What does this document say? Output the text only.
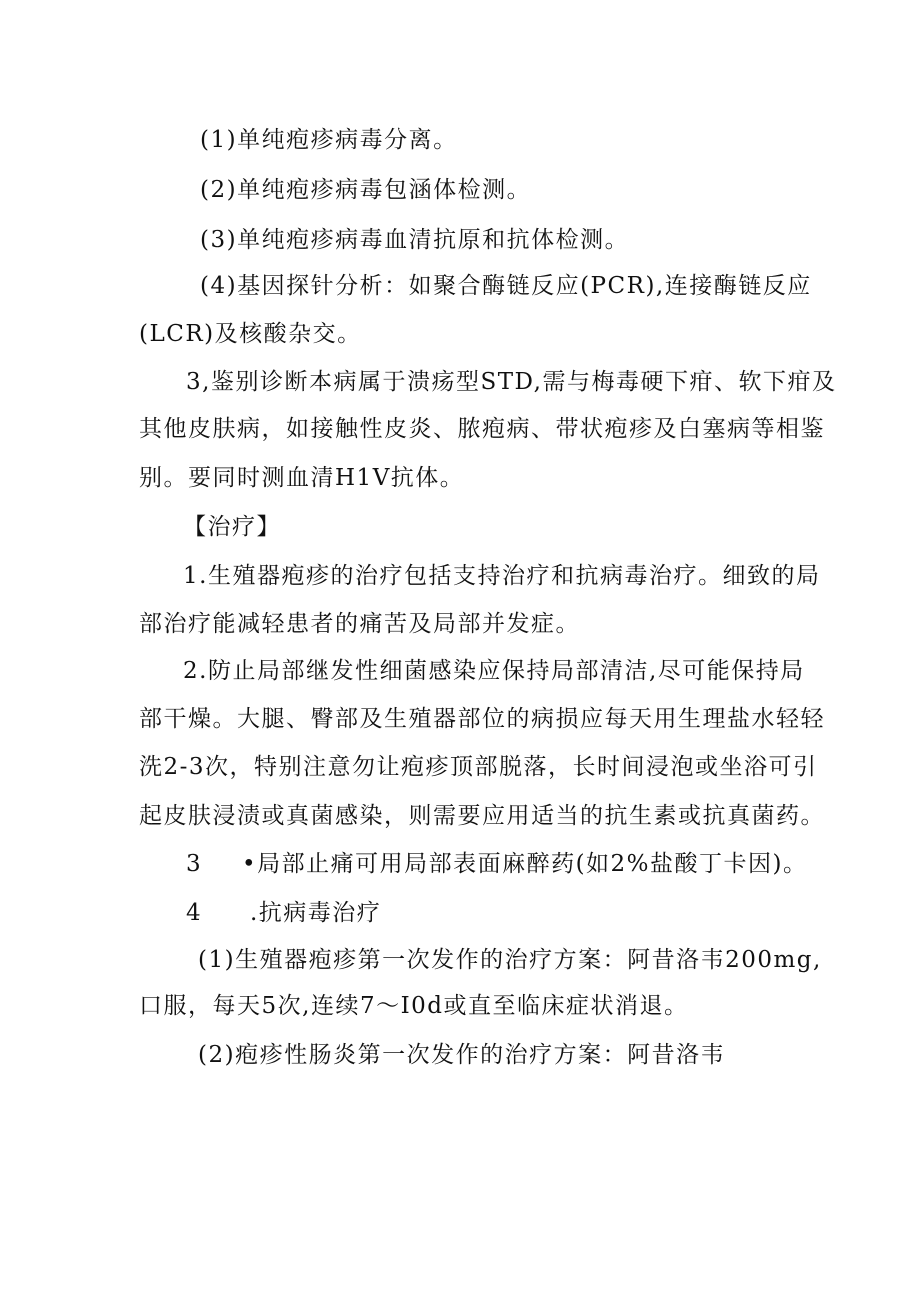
(1)单纯疱疹病毒分离。

(2)单纯疱疹病毒包涵体检测。

(3)单纯疱疹病毒血清抗原和抗体检测。

(4)基因探针分析：如聚合酶链反应(PCR),连接酶链反应

(LCR)及核酸杂交。

3,鉴别诊断本病属于溃疡型STD,需与梅毒硬下疳、软下疳及

其他皮肤病，如接触性皮炎、脓疱病、带状疱疹及白塞病等相鉴

别。要同时测血清H1V抗体。

【治疗】

1.生殖器疱疹的治疗包括支持治疗和抗病毒治疗。细致的局

部治疗能减轻患者的痛苦及局部并发症。

2.防止局部继发性细菌感染应保持局部清洁,尽可能保持局

部干燥。大腿、臀部及生殖器部位的病损应每天用生理盐水轻轻

洗2-3次，特别注意勿让疱疹顶部脱落，长时间浸泡或坐浴可引

起皮肤浸渍或真菌感染，则需要应用适当的抗生素或抗真菌药。

3 •局部止痛可用局部表面麻醉药(如2%盐酸丁卡因)。

4 .抗病毒治疗

(1)生殖器疱疹第一次发作的治疗方案：阿昔洛韦200mg,

口服，每天5次,连续7～I0d或直至临床症状消退。

(2)疱疹性肠炎第一次发作的治疗方案：阿昔洛韦
